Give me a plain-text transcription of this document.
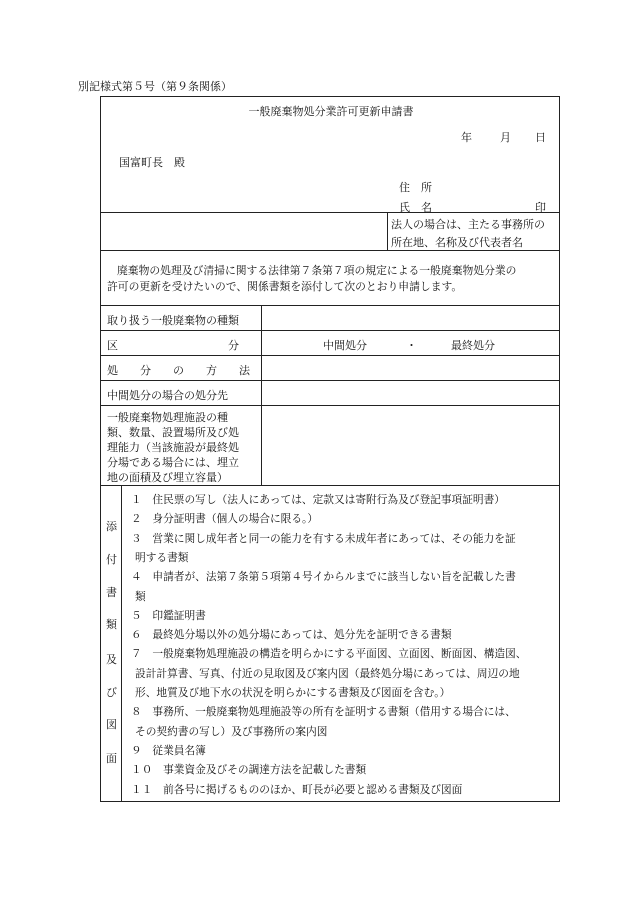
別記様式第５号（第９条関係）
一般廃棄物処分業許可更新申請書
年	月 日
国富町長　殿
住　所
氏　名	印
法人の場合は、主たる事務所の
所在地、名称及び代表者名
廃棄物の処理及び清掃に関する法律第７条第７項の規定による一般廃棄物処分業の
許可の更新を受けたいので、関係書類を添付して次のとおり申請します。
取り扱う一般廃棄物の種類
区　　　　　　　　　　分	中間処分	・	最終処分
処　　分　　の　　方　　法
中間処分の場合の処分先
一般廃棄物処理施設の種
類、数量、設置場所及び処
理能力（当該施設が最終処
分場である場合には、埋立
地の面積及び埋立容量）
添
付
書
類
及
び
図
面
１　住民票の写し（法人にあっては、定款又は寄附行為及び登記事項証明書）
２　身分証明書（個人の場合に限る。）
３　営業に関し成年者と同一の能力を有する未成年者にあっては、その能力を証
明する書類
４　申請者が、法第７条第５項第４号イからルまでに該当しない旨を記載した書
類
５　印鑑証明書
６　最終処分場以外の処分場にあっては、処分先を証明できる書類
７　一般廃棄物処理施設の構造を明らかにする平面図、立面図、断面図、構造図、
設計計算書、写真、付近の見取図及び案内図（最終処分場にあっては、周辺の地
形、地質及び地下水の状況を明らかにする書類及び図面を含む。）
８　事務所、一般廃棄物処理施設等の所有を証明する書類（借用する場合には、
その契約書の写し）及び事務所の案内図
９　従業員名簿
１０　事業資金及びその調達方法を記載した書類
１１　前各号に掲げるもののほか、町長が必要と認める書類及び図面
